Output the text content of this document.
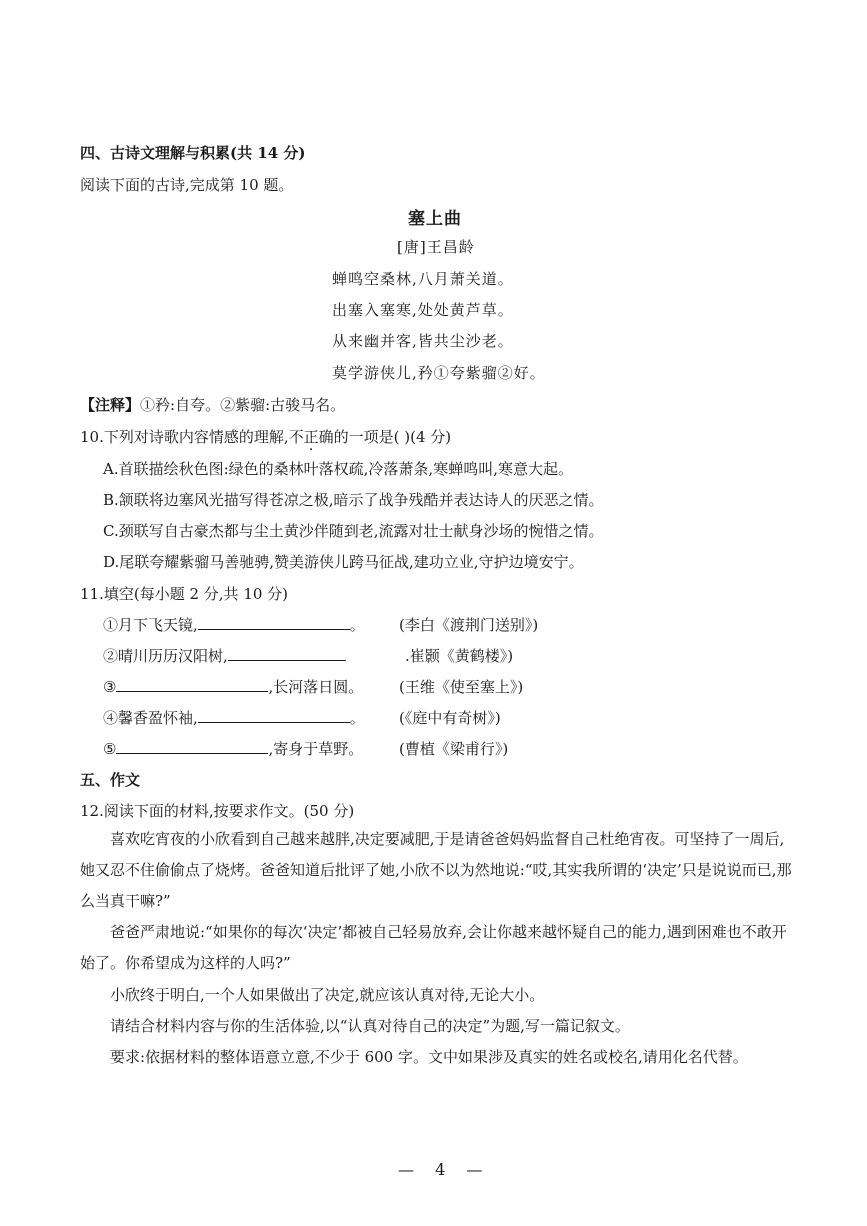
四、古诗文理解与积累(共 14 分)
阅读下面的古诗,完成第 10 题。
塞上曲
[唐]王昌龄
蝉鸣空桑林,八月萧关道。
出塞入塞寒,处处黄芦草。
从来幽并客,皆共尘沙老。
莫学游侠儿,矜①夸紫骝②好。
【注释】①矜:自夸。②紫骝:古骏马名。
10.下列对诗歌内容情感的理解,不正确的一项是( )(4 分)
A.首联描绘秋色图:绿色的桑林叶落权疏,冷落萧条,寒蝉鸣叫,寒意大起。
B.颔联将边塞风光描写得苍凉之极,暗示了战争残酷并表达诗人的厌恶之情。
C.颈联写自古豪杰都与尘土黄沙伴随到老,流露对壮士献身沙场的惋惜之情。
D.尾联夸耀紫骝马善驰骋,赞美游侠儿跨马征战,建功立业,守护边境安宁。
11.填空(每小题 2 分,共 10 分)
①月下飞天镜,	。 (李白《渡荆门送别》)
②晴川历历汉阳树,	.崔颢《黄鹤楼》)
③	,长河落日圆。 (王维《使至塞上》)
④馨香盈怀袖,	。 (《庭中有奇树》)
⑤	,寄身于草野。 (曹植《梁甫行》)
五、作文
12.阅读下面的材料,按要求作文。(50 分)
喜欢吃宵夜的小欣看到自己越来越胖,决定要减肥,于是请爸爸妈妈监督自己杜绝宵夜。可坚持了一周后,她又忍不住偷偷点了烧烤。爸爸知道后批评了她,小欣不以为然地说:“哎,其实我所谓的‘决定’只是说说而已,那么当真干嘛?”
爸爸严肃地说:“如果你的每次‘决定’都被自己轻易放弃,会让你越来越怀疑自己的能力,遇到困难也不敢开始了。你希望成为这样的人吗?”
小欣终于明白,一个人如果做出了决定,就应该认真对待,无论大小。
请结合材料内容与你的生活体验,以“认真对待自己的决定”为题,写一篇记叙文。
要求:依据材料的整体语意立意,不少于 600 字。文中如果涉及真实的姓名或校名,请用化名代替。
— 4 —
